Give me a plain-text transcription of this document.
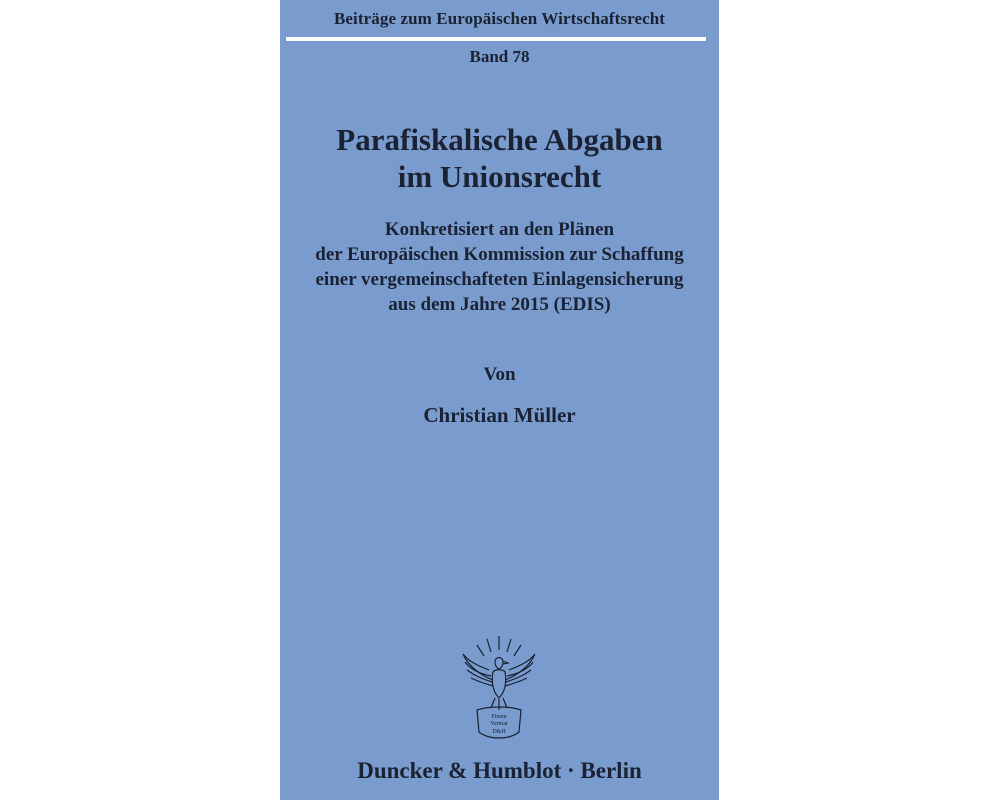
Beiträge zum Europäischen Wirtschaftsrecht
Band 78
Parafiskalische Abgaben
im Unionsrecht
Konkretisiert an den Plänen
der Europäischen Kommission zur Schaffung
einer vergemeinschafteten Einlagensicherung
aus dem Jahre 2015 (EDIS)
Von
Christian Müller
Finem
Vermat
D&H
Duncker & Humblot · Berlin
